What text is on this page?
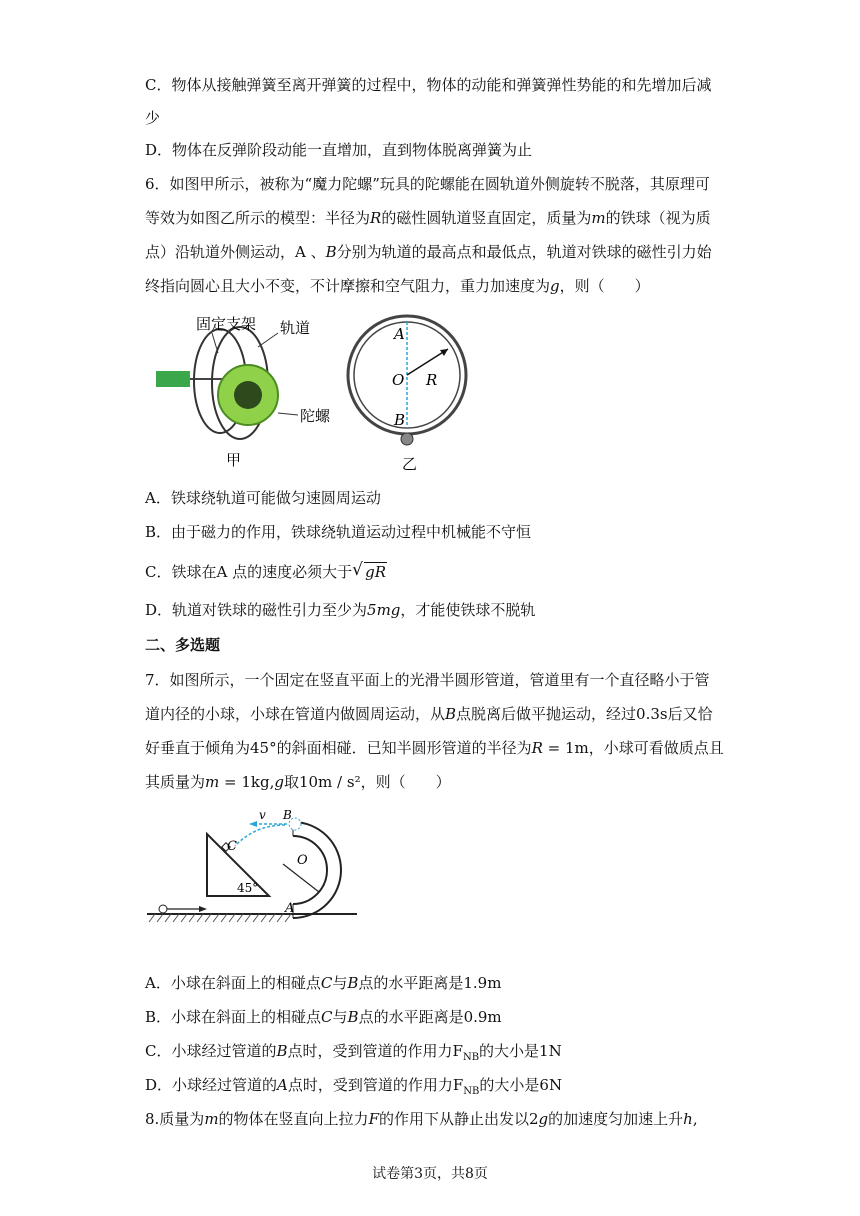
C．物体从接触弹簧至离开弹簧的过程中，物体的动能和弹簧弹性势能的和先增加后减
少
D．物体在反弹阶段动能一直增加，直到物体脱离弹簧为止
6．如图甲所示，被称为“魔力陀螺”玩具的陀螺能在圆轨道外侧旋转不脱落，其原理可
等效为如图乙所示的模型：半径为R的磁性圆轨道竖直固定，质量为m的铁球（视为质
点）沿轨道外侧运动，A 、B分别为轨道的最高点和最低点，轨道对铁球的磁性引力始
终指向圆心且大小不变，不计摩擦和空气阻力，重力加速度为g，则（　　）
固定支架 轨道
陀螺
甲
A
O R
B
乙
A．铁球绕轨道可能做匀速圆周运动
B．由于磁力的作用，铁球绕轨道运动过程中机械能不守恒
C．铁球在A 点的速度必须大于 √ gR
D．轨道对铁球的磁性引力至少为5mg，才能使铁球不脱轨
二、多选题
7．如图所示，一个固定在竖直平面上的光滑半圆形管道，管道里有一个直径略小于管
道内径的小球，小球在管道内做圆周运动，从B点脱离后做平抛运动，经过0.3s后又恰
好垂直于倾角为45°的斜面相碰．已知半圆形管道的半径为R = 1m，小球可看做质点且
其质量为m = 1kg,g取10m / s²，则（　　）
v B
C
O
45°
A
A．小球在斜面上的相碰点C与B点的水平距离是1.9m
B．小球在斜面上的相碰点C与B点的水平距离是0.9m
C．小球经过管道的B点时，受到管道的作用力$F_{NB}$的大小是1N
D．小球经过管道的A点时，受到管道的作用力$F_{NB}$的大小是6N
8.质量为m的物体在竖直向上拉力F的作用下从静止出发以2g的加速度匀加速上升h,
试卷第3页，共8页
